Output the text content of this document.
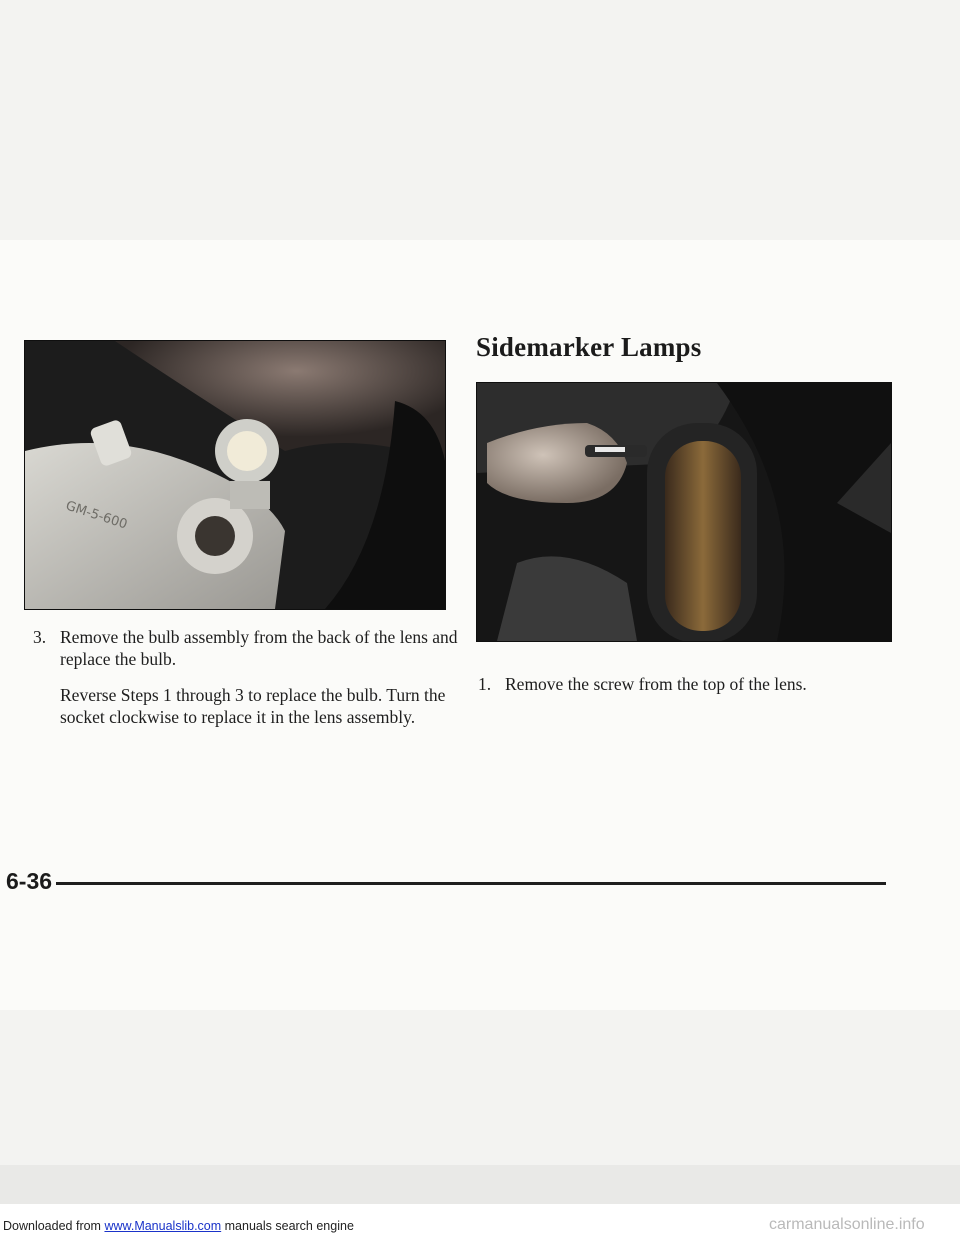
GM-5-600
Sidemarker Lamps

3. Remove the bulb assembly from the back of the lens and replace the bulb.

Reverse Steps 1 through 3 to replace the bulb. Turn the socket clockwise to replace it in the lens assembly.

1. Remove the screw from the top of the lens.

6-36
Downloaded from www.Manualslib.com manuals search engine	carmanualsonline.info
